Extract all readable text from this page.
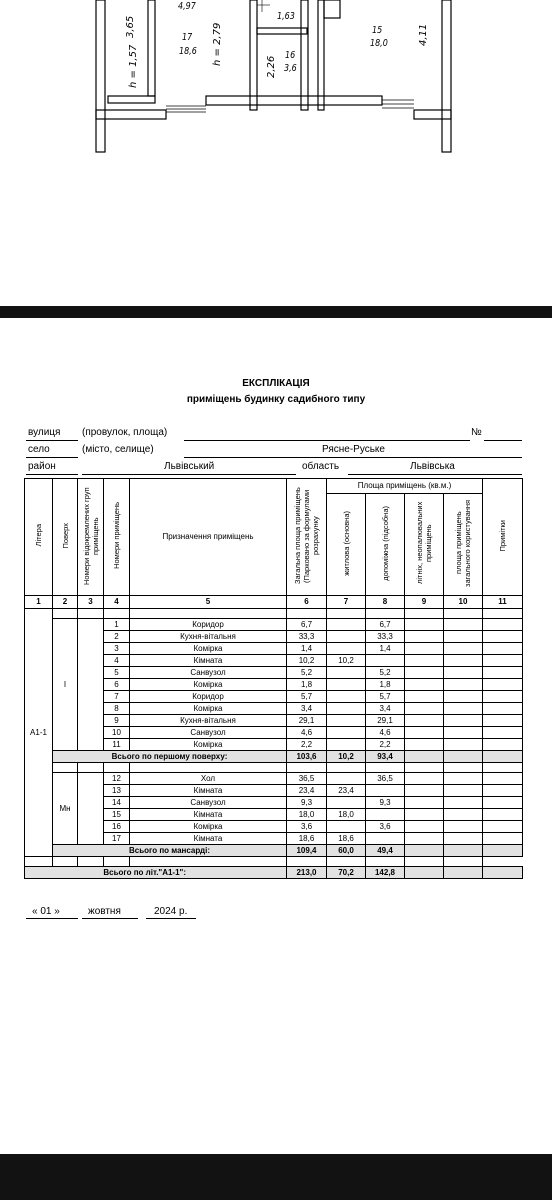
4,97
3,65	17
18,6 h = 2,79
h = 1,57
1,63
2,26
16
3,6
15
18,0	4,11
ЕКСПЛІКАЦІЯ
приміщень будинку садибного типу
вулиця (провулок, площа)	№
село	(місто, селище)	Рясне-Руське
район	Львівський	область	Львівська
Літера	Поверх	Номери відокремлених груп приміщень	Номери приміщень	Призначення приміщень	Загальна площа приміщень (Парковано за формулами розрахунку	Площа приміщень (кв.м.)				Примітки
						житлова (основна)	допоміжна (підсобна)	літніх, неопалювальних приміщень	площа приміщень загального користування	
1	2	3	4	5	6	7	8	9	10	11
А1-1										
	І		1	Коридор	6,7		6,7			
			2	Кухня-вітальня	33,3		33,3			
			3	Комірка	1,4		1,4			
			4	Кімната	10,2	10,2				
			5	Санвузол	5,2		5,2			
			6	Комірка	1,8		1,8			
			7	Коридор	5,7		5,7			
			8	Комірка	3,4		3,4			
			9	Кухня-вітальня	29,1		29,1			
			10	Санвузол	4,6		4,6			
			11	Комірка	2,2		2,2			
	Всього по першому поверху:				103,6	10,2	93,4			

	Мн		12	Хол	36,5		36,5			
			13	Кімната	23,4	23,4				
			14	Санвузол	9,3		9,3			
			15	Кімната	18,0	18,0				
			16	Комірка	3,6		3,6			
			17	Кімната	18,6	18,6				
	Всього по мансарді:				109,4	60,0	49,4			

Всього по літ."А1-1":					213,0	70,2	142,8			
« 01 »	жовтня	2024 р.
